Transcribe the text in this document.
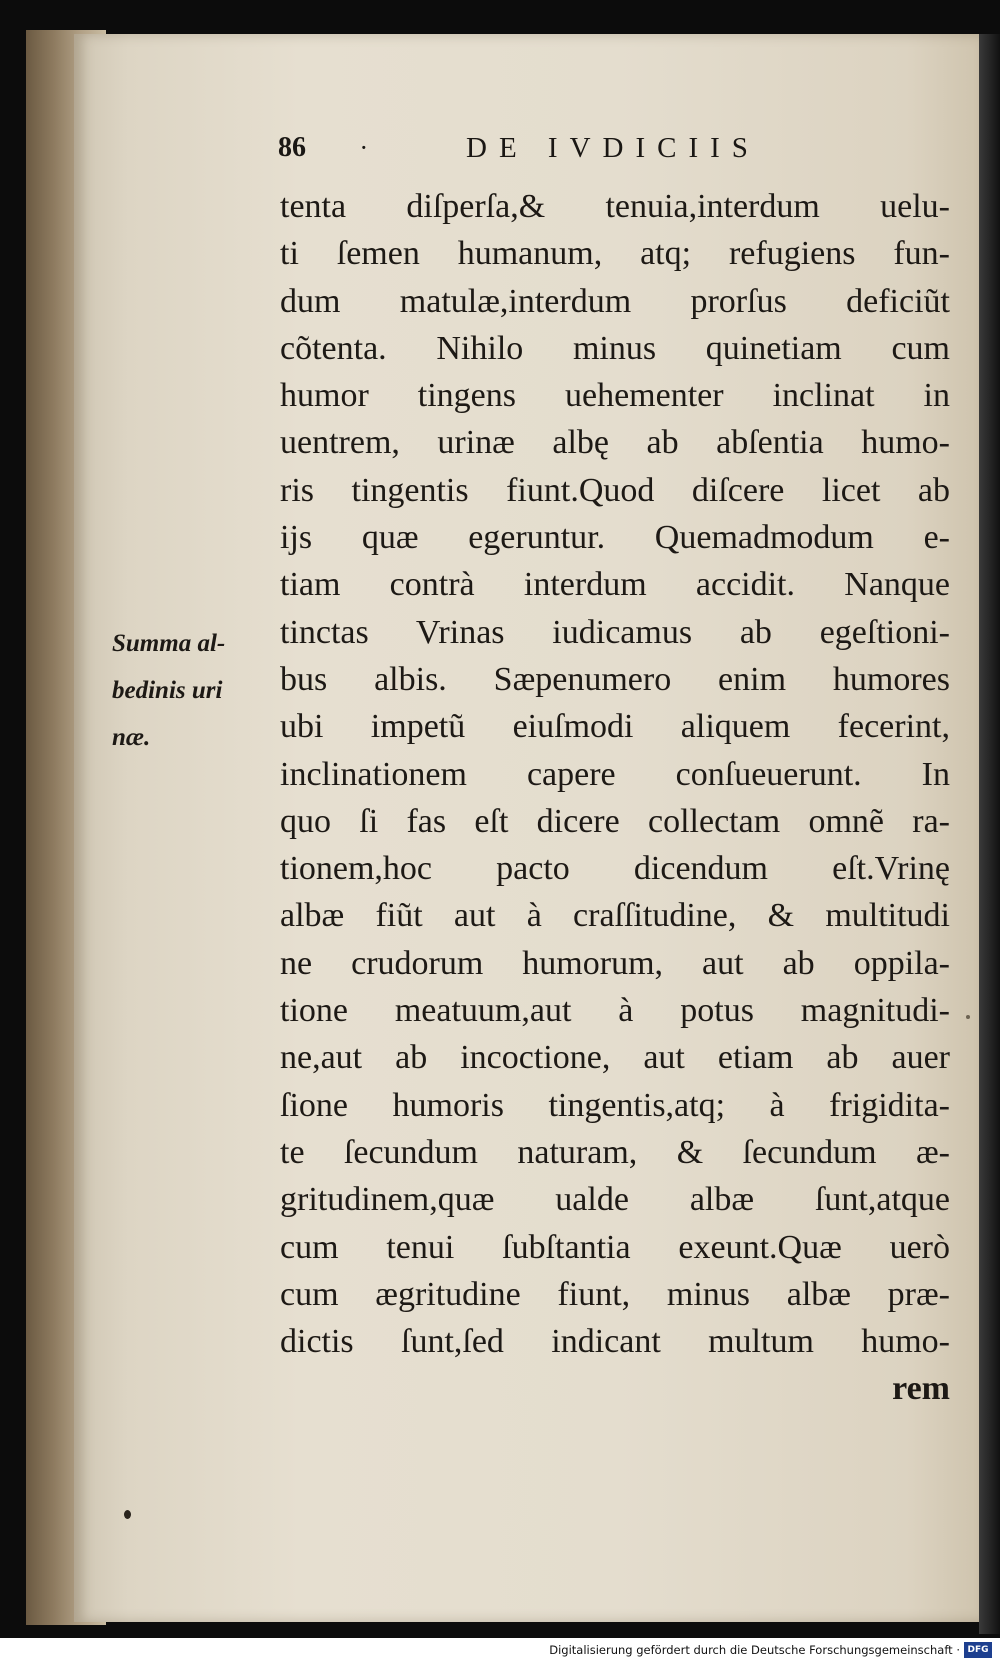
86 ·	DE IVDICIIS
Summa al-
bedinis uri
næ.
tenta diſperſa,& tenuia,interdum uelu-
ti ſemen humanum, atq; refugiens fun-
dum matulæ,interdum prorſus deficiũt
cõtenta. Nihilo minus quinetiam cum
humor tingens uehementer inclinat in
uentrem, urinæ albę ab abſentia humo-
ris tingentis fiunt.Quod diſcere licet ab
ijs quæ egeruntur. Quemadmodum e-
tiam contrà interdum accidit. Nanque
tinctas Vrinas iudicamus ab egeſtioni-
bus albis. Sæpenumero enim humores
ubi impetũ eiuſmodi aliquem fecerint,
inclinationem capere conſueuerunt. In
quo ſi fas eſt dicere collectam omnẽ ra-
tionem,hoc pacto dicendum eſt.Vrinę
albæ fiũt aut à craſſitudine, & multitudi
ne crudorum humorum, aut ab oppila-
tione meatuum,aut à potus magnitudi-
ne,aut ab incoctione, aut etiam ab auer
ſione humoris tingentis,atq; à frigidita-
te ſecundum naturam, & ſecundum æ-
gritudinem,quæ ualde albæ ſunt,atque
cum tenui ſubſtantia exeunt.Quæ uerò
cum ægritudine fiunt, minus albæ præ-
dictis ſunt,ſed indicant multum humo-
rem
Digitalisierung gefördert durch die Deutsche Forschungsgemeinschaft · DFG
